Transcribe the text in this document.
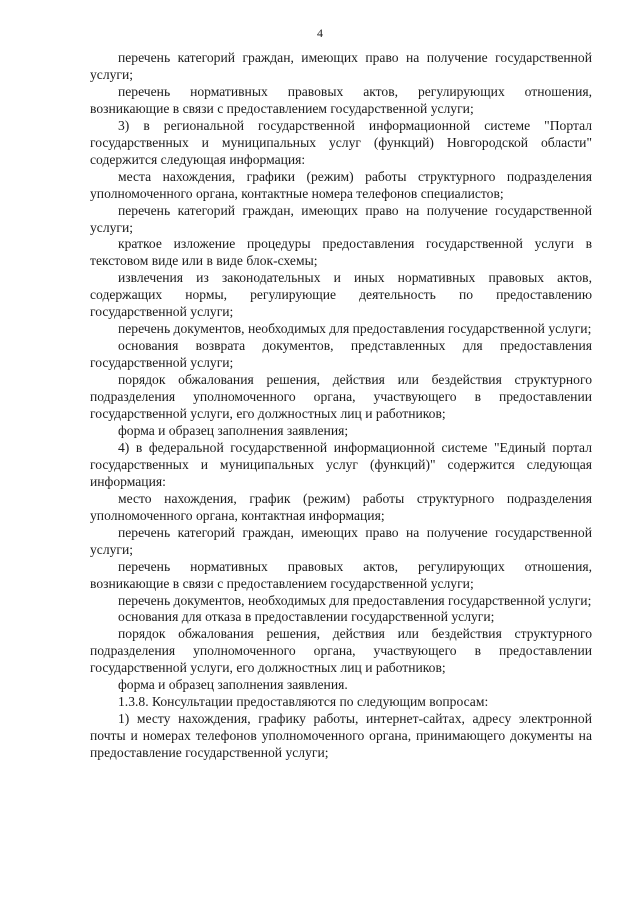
4

перечень категорий граждан, имеющих право на получение государственной услуги;

перечень нормативных правовых актов, регулирующих отношения, возникающие в связи с предоставлением государственной услуги;

3) в региональной государственной информационной системе "Портал государственных и муниципальных услуг (функций) Новгородской области" содержится следующая информация:

места нахождения, графики (режим) работы структурного подразделения уполномоченного органа, контактные номера телефонов специалистов;

перечень категорий граждан, имеющих право на получение государственной услуги;

краткое изложение процедуры предоставления государственной услуги в текстовом виде или в виде блок-схемы;

извлечения из законодательных и иных нормативных правовых актов, содержащих нормы, регулирующие деятельность по предоставлению государственной услуги;

перечень документов, необходимых для предоставления государственной услуги;

основания возврата документов, представленных для предоставления государственной услуги;

порядок обжалования решения, действия или бездействия структурного подразделения уполномоченного органа, участвующего в предоставлении государственной услуги, его должностных лиц и работников;

форма и образец заполнения заявления;

4) в федеральной государственной информационной системе "Единый портал государственных и муниципальных услуг (функций)" содержится следующая информация:

место нахождения, график (режим) работы структурного подразделения уполномоченного органа, контактная информация;

перечень категорий граждан, имеющих право на получение государственной услуги;

перечень нормативных правовых актов, регулирующих отношения, возникающие в связи с предоставлением государственной услуги;

перечень документов, необходимых для предоставления государственной услуги;

основания для отказа в предоставлении государственной услуги;

порядок обжалования решения, действия или бездействия структурного подразделения уполномоченного органа, участвующего в предоставлении государственной услуги, его должностных лиц и работников;

форма и образец заполнения заявления.

1.3.8. Консультации предоставляются по следующим вопросам:

1) месту нахождения, графику работы, интернет-сайтах, адресу электронной почты и номерах телефонов уполномоченного органа, принимающего документы на предоставление государственной услуги;
